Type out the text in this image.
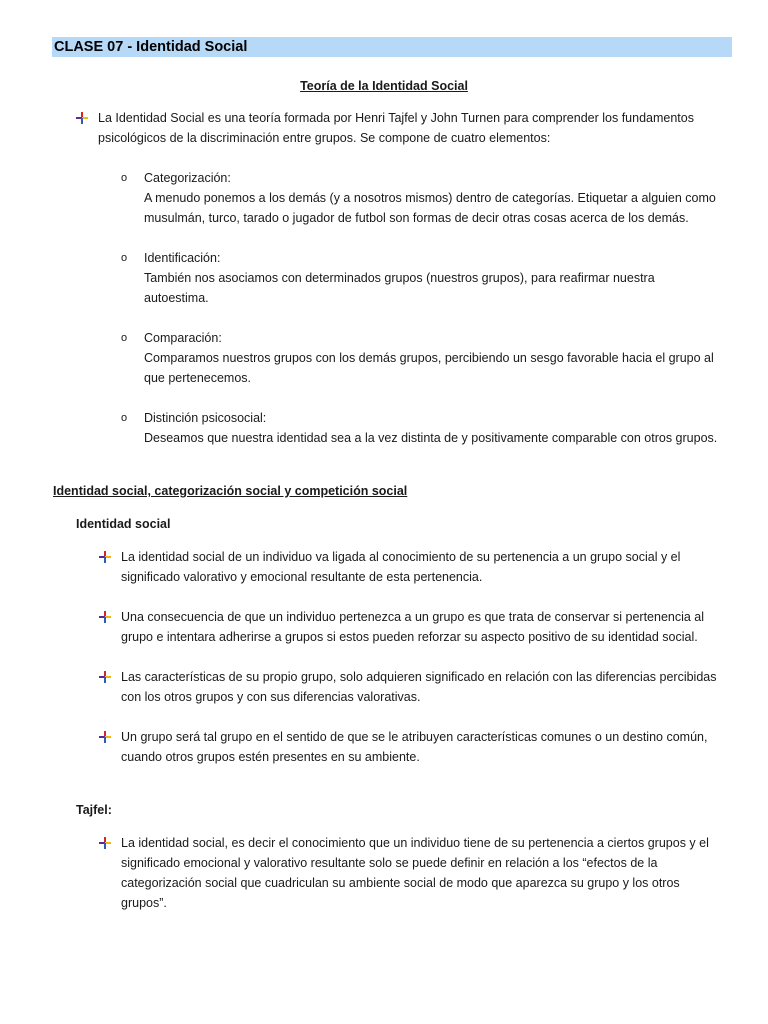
CLASE 07 - Identidad Social
Teoría de la Identidad Social
La Identidad Social es una teoría formada por Henri Tajfel y John Turnen para comprender los fundamentos
psicológicos de la discriminación entre grupos. Se compone de cuatro elementos:
o Categorización:
A menudo ponemos a los demás (y a nosotros mismos) dentro de categorías. Etiquetar a alguien como
musulmán, turco, tarado o jugador de futbol son formas de decir otras cosas acerca de los demás.
o Identificación:
También nos asociamos con determinados grupos (nuestros grupos), para reafirmar nuestra
autoestima.
o Comparación:
Comparamos nuestros grupos con los demás grupos, percibiendo un sesgo favorable hacia el grupo al
que pertenecemos.
o Distinción psicosocial:
Deseamos que nuestra identidad sea a la vez distinta de y positivamente comparable con otros grupos.
Identidad social, categorización social y competición social
Identidad social
La identidad social de un individuo va ligada al conocimiento de su pertenencia a un grupo social y el
significado valorativo y emocional resultante de esta pertenencia.
Una consecuencia de que un individuo pertenezca a un grupo es que trata de conservar si pertenencia al
grupo e intentara adherirse a grupos si estos pueden reforzar su aspecto positivo de su identidad social.
Las características de su propio grupo, solo adquieren significado en relación con las diferencias percibidas
con los otros grupos y con sus diferencias valorativas.
Un grupo será tal grupo en el sentido de que se le atribuyen características comunes o un destino común,
cuando otros grupos estén presentes en su ambiente.
Tajfel:
La identidad social, es decir el conocimiento que un individuo tiene de su pertenencia a ciertos grupos y el
significado emocional y valorativo resultante solo se puede definir en relación a los “efectos de la
categorización social que cuadriculan su ambiente social de modo que aparezca su grupo y los otros
grupos”.
